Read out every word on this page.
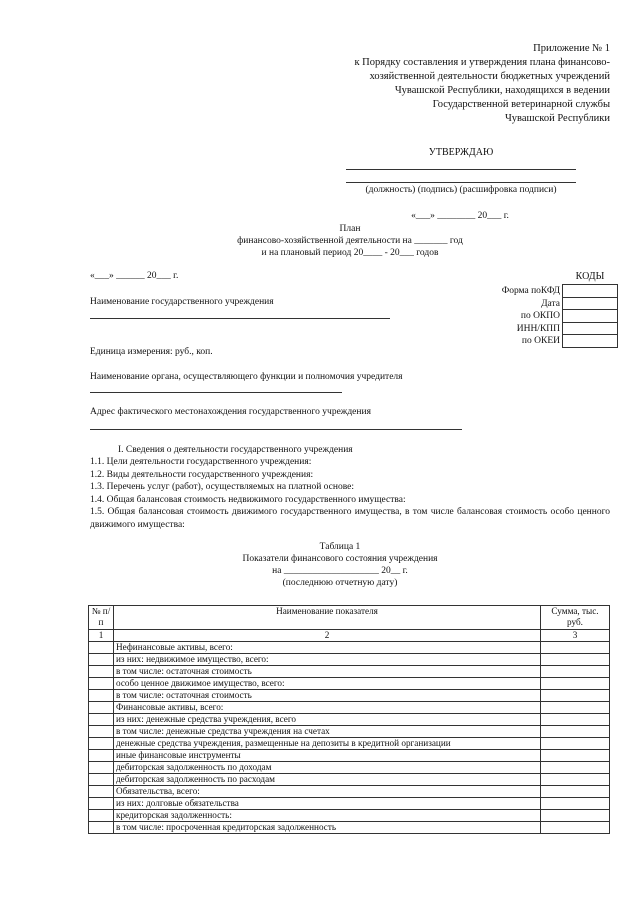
Приложение № 1
к Порядку составления и утверждения плана финансово-
хозяйственной деятельности бюджетных учреждений
Чувашской Республики, находящихся в ведении
Государственной ветеринарной службы
Чувашской Республики
УТВЕРЖДАЮ
(должность) (подпись) (расшифровка подписи)
«___» ________ 20___ г.
План
финансово-хозяйственной деятельности на _______ год
и на плановый период 20____ - 20___ годов
«___» ______ 20___ г.	КОДЫ
Форма поКФД
Дата
по ОКПО
ИНН/КПП
по ОКЕИ

Наименование государственного учреждения
Единица измерения: руб., коп.
Наименование органа, осуществляющего функции и полномочия учредителя
Адрес фактического местонахождения государственного учреждения
I. Сведения о деятельности государственного учреждения
1.1. Цели деятельности государственного учреждения:
1.2. Виды деятельности государственного учреждения:
1.3. Перечень услуг (работ), осуществляемых на платной основе:
1.4. Общая балансовая стоимость недвижимого государственного имущества:
1.5. Общая балансовая стоимость движимого государственного имущества, в том числе балансовая стоимость особо ценного движимого имущества:
Таблица 1
Показатели финансового состояния учреждения
на ____________________ 20__ г.
(последнюю отчетную дату)
№ п/п	Наименование показателя	Сумма, тыс. руб.
1	2	3
	Нефинансовые активы, всего:	
	из них: недвижимое имущество, всего:	
	в том числе: остаточная стоимость	
	особо ценное движимое имущество, всего:	
	в том числе: остаточная стоимость	
	Финансовые активы, всего:	
	из них: денежные средства учреждения, всего	
	в том числе: денежные средства учреждения на счетах	
	денежные средства учреждения, размещенные на депозиты в кредитной организации	
	иные финансовые инструменты	
	дебиторская задолженность по доходам	
	дебиторская задолженность по расходам	
	Обязательства, всего:	
	из них: долговые обязательства	
	кредиторская задолженность:	
	в том числе: просроченная кредиторская задолженность	
